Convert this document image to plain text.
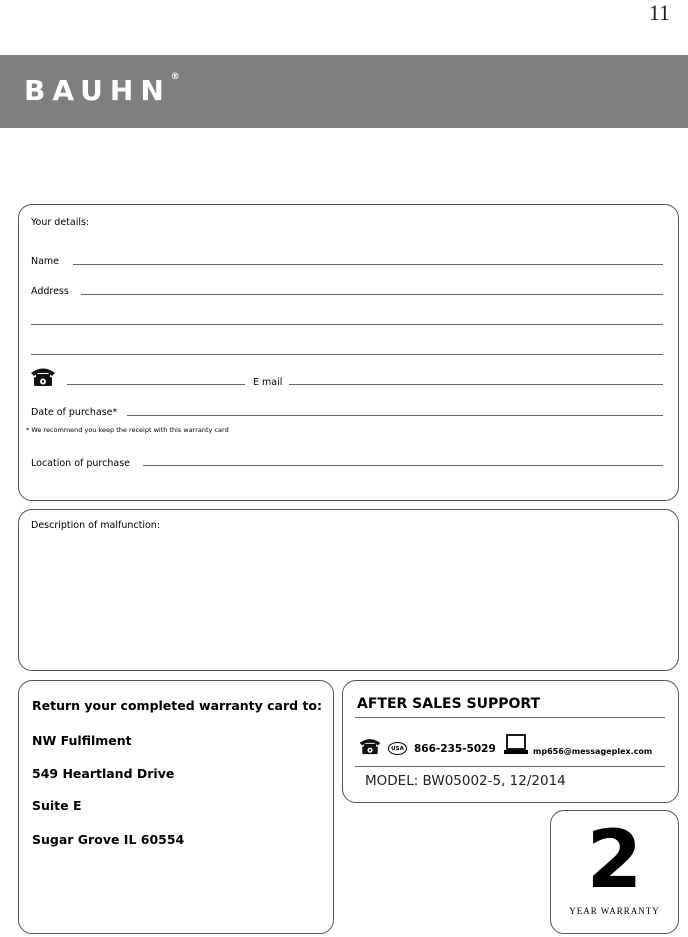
11
BAUHN®
Your details:
Name
Address
E mail
Date of purchase*
* We recommend you keep the receipt with this warranty card
Location of purchase
Description of malfunction:
Return your completed warranty card to:
NW Fulfilment
549 Heartland Drive
Suite E
Sugar Grove IL 60554
AFTER SALES SUPPORT
USA 866-235-5029	mp656@messageplex.com
MODEL: BW05002-5, 12/2014
2
YEAR WARRANTY
